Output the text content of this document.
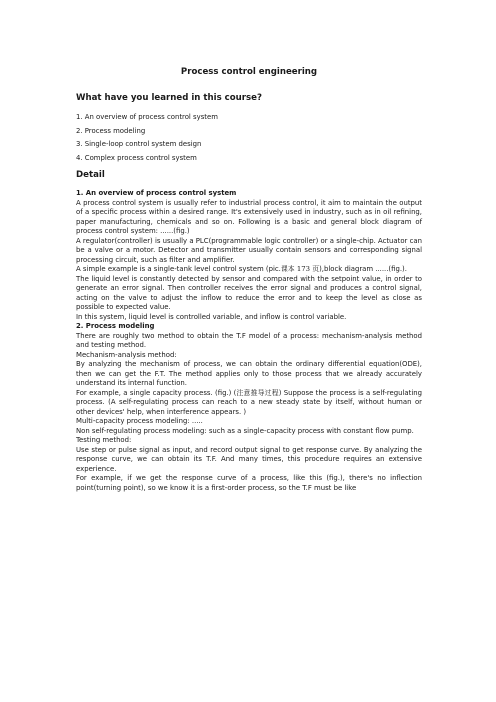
Process control engineering
What have you learned in this course?
1. An overview of process control system
2. Process modeling
3. Single-loop control system design
4. Complex process control system
Detail

1. An overview of process control system

A process control system is usually refer to industrial process control, it aim to maintain the output of a specific process within a desired range. It's extensively used in industry, such as in oil refining, paper manufacturing, chemicals and so on. Following is a basic and general block diagram of process control system: ......(fig.)

A regulator(controller) is usually a PLC(programmable logic controller) or a single-chip. Actuator can be a valve or a motor. Detector and transmitter usually contain sensors and corresponding signal processing circuit, such as filter and amplifier.

A simple example is a single-tank level control system (pic.课本 173 页),block diagram ......(fig.).

The liquid level is constantly detected by sensor and compared with the setpoint value, in order to generate an error signal. Then controller receives the error signal and produces a control signal, acting on the valve to adjust the inflow to reduce the error and to keep the level as close as possible to expected value.

In this system, liquid level is controlled variable, and inflow is control variable.

2. Process modeling

There are roughly two method to obtain the T.F model of a process: mechanism-analysis method and testing method.

Mechanism-analysis method:

By analyzing the mechanism of process, we can obtain the ordinary differential equation(ODE), then we can get the F.T. The method applies only to those process that we already accurately understand its internal function.

For example, a single capacity process. (fig.) (注意推导过程) Suppose the process is a self-regulating process. (A self-regulating process can reach to a new steady state by itself, without human or other devices' help, when interference appears. )

Multi-capacity process modeling: .....

Non self-regulating process modeling: such as a single-capacity process with constant flow pump.

Testing method:

Use step or pulse signal as input, and record output signal to get response curve. By analyzing the response curve, we can obtain its T.F. And many times, this procedure requires an extensive experience.

For example, if we get the response curve of a process, like this (fig.), there's no inflection point(turning point), so we know it is a first-order process, so the T.F must be like
